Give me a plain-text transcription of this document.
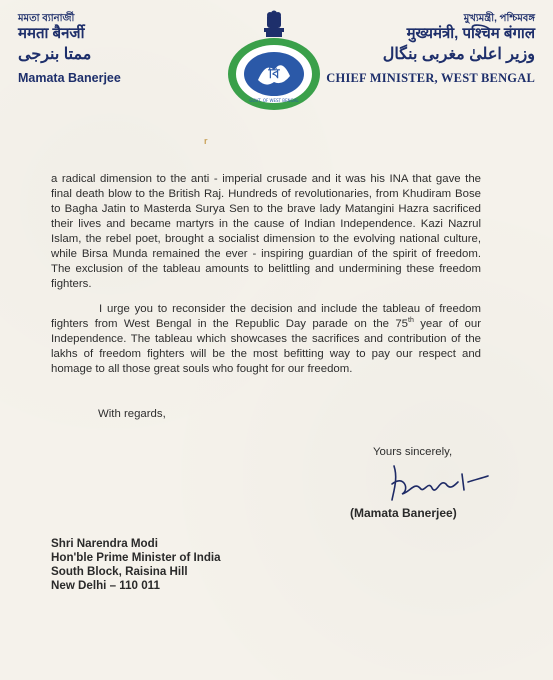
মমতা ব্যানার্জী
ममता बैनर्जी
ممتا بنرجی
Mamata Banerjee	বি
GOVT. OF WEST BENGAL
মুখ্যমন্ত্রী, পশ্চিমবঙ্গ
मुख्यमंत्री, पश्चिम बंगाल
وزیر اعلیٰ مغربی بنگال
CHIEF MINISTER, WEST BENGAL
r

a radical dimension to the anti - imperial crusade and it was his INA that gave the final death blow to the British Raj. Hundreds of revolutionaries, from Khudiram Bose to Bagha Jatin to Masterda Surya Sen to the brave lady Matangini Hazra sacrificed their lives and became martyrs in the cause of Indian Independence. Kazi Nazrul Islam, the rebel poet, brought a socialist dimension to the evolving national culture, while Birsa Munda remained the ever - inspiring guardian of the spirit of freedom. The exclusion of the tableau amounts to belittling and undermining these freedom fighters.

I urge you to reconsider the decision and include the tableau of freedom fighters from West Bengal in the Republic Day parade on the 75th year of our Independence. The tableau which showcases the sacrifices and contribution of the lakhs of freedom fighters will be the most befitting way to pay our respect and homage to all those great souls who fought for our freedom.

With regards,
Yours sincerely,
(Mamata Banerjee)
Shri Narendra Modi
Hon'ble Prime Minister of India
South Block, Raisina Hill
New Delhi – 110 011
